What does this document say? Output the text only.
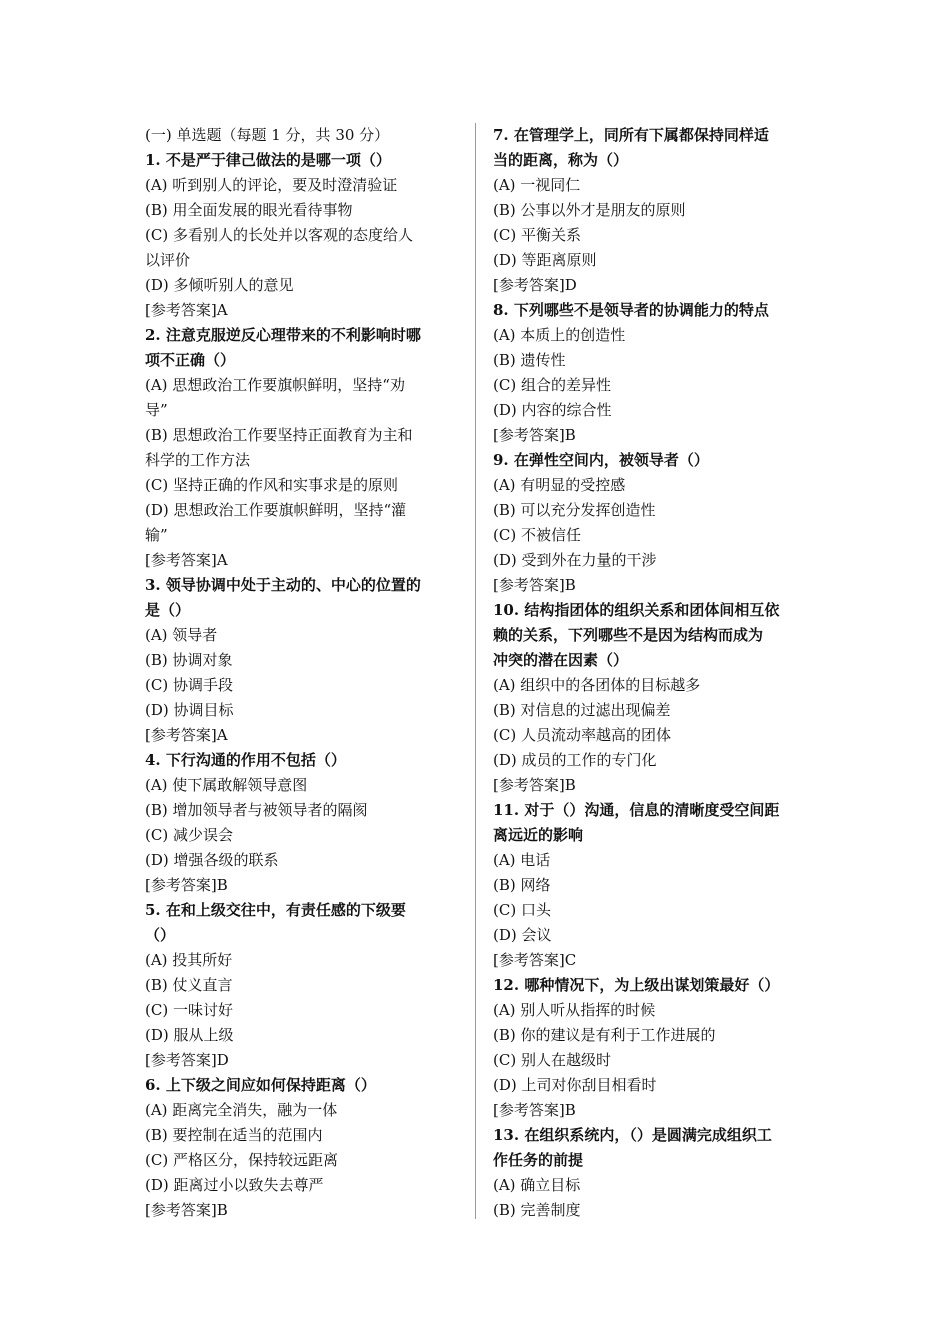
(一) 单选题（每题 1 分，共 30 分）
1. 不是严于律己做法的是哪一项（）
(A) 听到别人的评论，要及时澄清验证
(B) 用全面发展的眼光看待事物
(C) 多看别人的长处并以客观的态度给人
以评价
(D) 多倾听别人的意见
[参考答案]A
2. 注意克服逆反心理带来的不利影响时哪
项不正确（）
(A) 思想政治工作要旗帜鲜明，坚持“劝
导”
(B) 思想政治工作要坚持正面教育为主和
科学的工作方法
(C) 坚持正确的作风和实事求是的原则
(D) 思想政治工作要旗帜鲜明，坚持“灌
输”
[参考答案]A
3. 领导协调中处于主动的、中心的位置的
是（）
(A) 领导者
(B) 协调对象
(C) 协调手段
(D) 协调目标
[参考答案]A
4. 下行沟通的作用不包括（）
(A) 使下属敢解领导意图
(B) 增加领导者与被领导者的隔阂
(C) 减少误会
(D) 增强各级的联系
[参考答案]B
5. 在和上级交往中，有责任感的下级要
（）
(A) 投其所好
(B) 仗义直言
(C) 一味讨好
(D) 服从上级
[参考答案]D
6. 上下级之间应如何保持距离（）
(A) 距离完全消失，融为一体
(B) 要控制在适当的范围内
(C) 严格区分，保持较远距离
(D) 距离过小以致失去尊严
[参考答案]B
7. 在管理学上，同所有下属都保持同样适
当的距离，称为（）
(A) 一视同仁
(B) 公事以外才是朋友的原则
(C) 平衡关系
(D) 等距离原则
[参考答案]D
8. 下列哪些不是领导者的协调能力的特点
(A) 本质上的创造性
(B) 遗传性
(C) 组合的差异性
(D) 内容的综合性
[参考答案]B
9. 在弹性空间内，被领导者（）
(A) 有明显的受控感
(B) 可以充分发挥创造性
(C) 不被信任
(D) 受到外在力量的干涉
[参考答案]B
10. 结构指团体的组织关系和团体间相互依
赖的关系，下列哪些不是因为结构而成为
冲突的潜在因素（）
(A) 组织中的各团体的目标越多
(B) 对信息的过滤出现偏差
(C) 人员流动率越高的团体
(D) 成员的工作的专门化
[参考答案]B
11. 对于（）沟通，信息的清晰度受空间距
离远近的影响
(A) 电话
(B) 网络
(C) 口头
(D) 会议
[参考答案]C
12. 哪种情况下，为上级出谋划策最好（）
(A) 别人听从指挥的时候
(B) 你的建议是有利于工作进展的
(C) 别人在越级时
(D) 上司对你刮目相看时
[参考答案]B
13. 在组织系统内，（）是圆满完成组织工
作任务的前提
(A) 确立目标
(B) 完善制度
